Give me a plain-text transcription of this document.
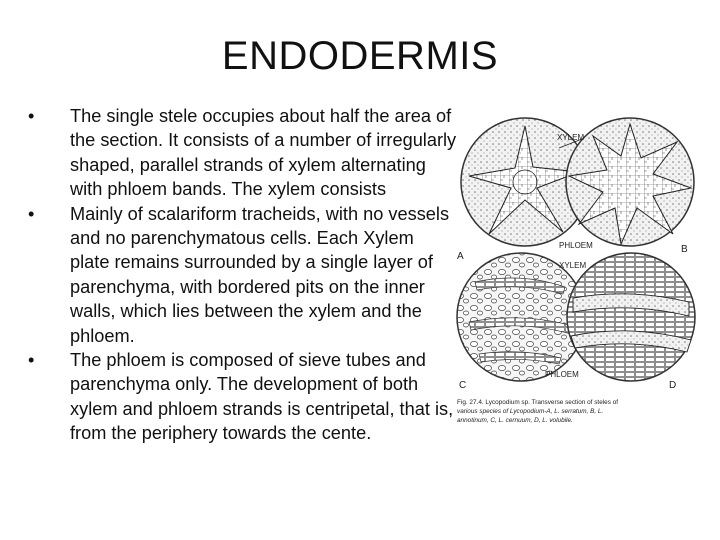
ENDODERMIS
• The single stele occupies about half the area of the section. It consists of a number of irregularly shaped, parallel strands of xylem alternating with phloem bands. The xylem consists
• Mainly of scalariform tracheids, with no vessels and no parenchymatous cells. Each Xylem plate remains surrounded by a single layer of parenchyma, with bordered pits on the inner walls, which lies between the xylem and the phloem.
• The phloem is composed of sieve tubes and parenchyma only. The development of both xylem and phloem strands is centripetal, that is, from the periphery towards the cente.
XYLEM
PHLOEM
XYLEM
PHLOEM
A
B
C	D
Fig. 27.4. Lycopodium sp. Transverse section of steles of
various species of Lycopodium-A, L. serratum, B, L.
annotinum, C, L. cernuum, D, L. volubile.
